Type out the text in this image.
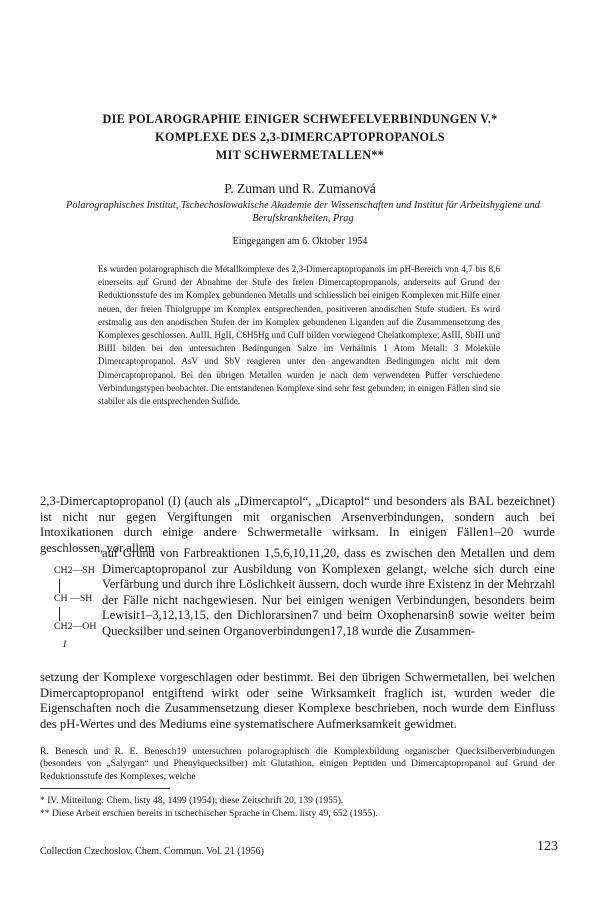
DIE POLAROGRAPHIE EINIGER SCHWEFELVERBINDUNGEN V.*
KOMPLEXE DES 2,3-DIMERCAPTOPROPANOLS
MIT SCHWERMETALLEN**
P. Zuman und R. Zumanová
Polarographisches Institut, Tschechoslowakische Akademie der Wissenschaften und Institut für Arbeitshygiene und Berufskrankheiten, Prag
Eingegangen am 6. Oktober 1954
Es wurden polarographisch die Metallkomplexe des 2,3-Dimercaptopropanols im pH-Bereich von 4,7 bis 8,6 einerseits auf Grund der Abnahme der Stufe des freien Dimercaptopropanols, anderseits auf Grund der Reduktionsstufe des im Komplex gebundenen Metalls und schliesslich bei einigen Komplexen mit Hilfe einer neuen, der freien Thiolgruppe im Komplex entsprechenden, positiveren anodischen Stufe studiert. Es wird erstmalig aus den anodischen Stufen der im Komplex gebundenen Liganden auf die Zusammensetzung des Komplexes geschlossen. AuIII, HgII, C6H5Hg und CuII bilden vorwiegend Chelatkomplexe; AsIII, SbIII und BiIII bilden bei den untersuchten Bedingungen Salze im Verhältnis 1 Atom Metall: 3 Moleküle Dimercaptopropanol. AsV und SbV reagieren unter den angewandten Bedingungen nicht mit dem Dimercaptopropanol. Bei den übrigen Metallen wurden je nach dem verwendeten Puffer verschiedene Verbindungstypen beobachtet. Die entstandenen Komplexe sind sehr fest gebunden; in einigen Fällen sind sie stabiler als die entsprechenden Sulfide.
2,3-Dimercaptopropanol (I) (auch als „Dimercaptol“, „Dicaptol“ und besonders als BAL bezeichnet) ist nicht nur gegen Vergiftungen mit organischen Arsenverbindungen, sondern auch bei Intoxikationen durch einige andere Schwermetalle wirksam. In einigen Fällen1–20 wurde geschlossen, vor allem
CH2—SH
CH —SH
CH2—OH
I
auf Grund von Farbreaktionen 1,5,6,10,11,20, dass es zwischen den Metallen und dem Dimercaptopropanol zur Ausbildung von Komplexen gelangt, welche sich durch eine Verfärbung und durch ihre Löslichkeit äussern, doch wurde ihre Existenz in der Mehrzahl der Fälle nicht nachgewiesen. Nur bei einigen wenigen Verbindungen, besonders beim Lewisit1–3,12,13,15, den Dichlorarsinen7 und beim Oxophenarsin8 sowie weiter beim Quecksilber und seinen Organoverbindungen17,18 wurde die Zusammen-
setzung der Komplexe vorgeschlagen oder bestimmt. Bei den übrigen Schwermetallen, bei welchen Dimercaptopropanol entgiftend wirkt oder seine Wirksamkeit fraglich ist, wurden weder die Eigenschaften noch die Zusammensetzung dieser Komplexe beschrieben, noch wurde dem Einfluss des pH-Wertes und des Mediums eine systematischere Aufmerksamkeit gewidmet.
R. Benesch und R. E. Benesch19 untersuchten polarographisch die Komplexbildung organischer Quecksilberverbindungen (besonders von „Salyrgan“ und Phenylquecksilber) mit Glutathion, einigen Peptiden und Dimercaptopropanol auf Grund der Reduktionsstufe des Komplexes, welche
* IV. Mitteilung: Chem. listy 48, 1499 (1954); diese Zeitschrift 20, 139 (1955).
** Diese Arbeit erschien bereits in tschechischer Sprache in Chem. listy 49, 652 (1955).
Collection Czechoslov. Chem. Commun. Vol. 21 (1956)	123
